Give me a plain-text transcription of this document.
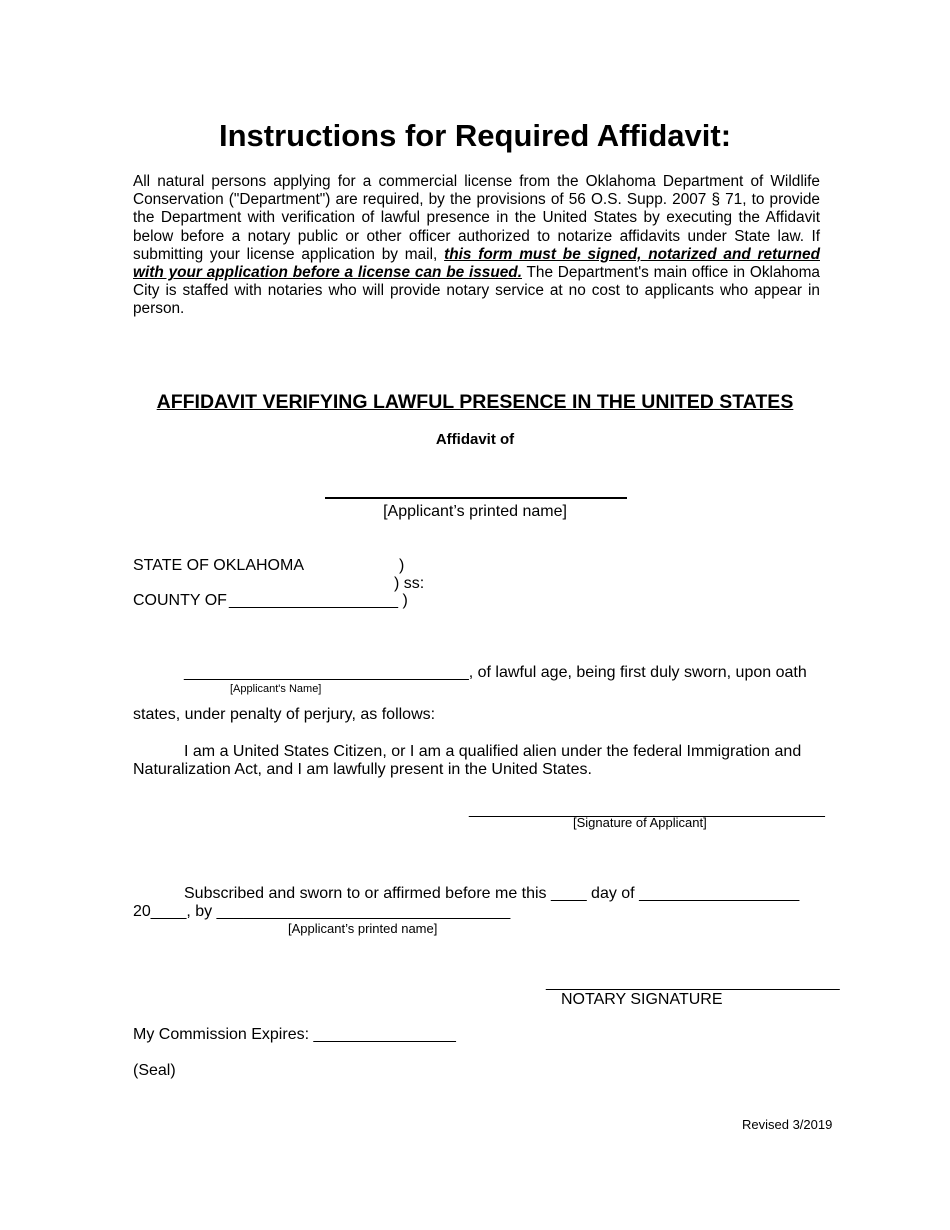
Instructions for Required Affidavit:

All natural persons applying for a commercial license from the Oklahoma Department of Wildlife Conservation ("Department") are required, by the provisions of 56 O.S. Supp. 2007 § 71, to provide the Department with verification of lawful presence in the United States by executing the Affidavit below before a notary public or other officer authorized to notarize affidavits under State law. If submitting your license application by mail, this form must be signed, notarized and returned with your application before a license can be issued. The Department's main office in Oklahoma City is staffed with notaries who will provide notary service at no cost to applicants who appear in person.

AFFIDAVIT VERIFYING LAWFUL PRESENCE IN THE UNITED STATES
Affidavit of
[Applicant’s printed name]
STATE OF OKLAHOMA	)
) ss:
COUNTY OF ___________________ )
________________________________, of lawful age, being first duly sworn, upon oath
[Applicant's Name]
states, under penalty of perjury, as follows:
I am a United States Citizen, or I am a qualified alien under the federal Immigration and
Naturalization Act, and I am lawfully present in the United States.
________________________________________
[Signature of Applicant]
Subscribed and sworn to or affirmed before me this ____ day of __________________
20____, by _________________________________
[Applicant’s printed name]
_________________________________
NOTARY SIGNATURE
My Commission Expires: ________________
(Seal)
Revised 3/2019
